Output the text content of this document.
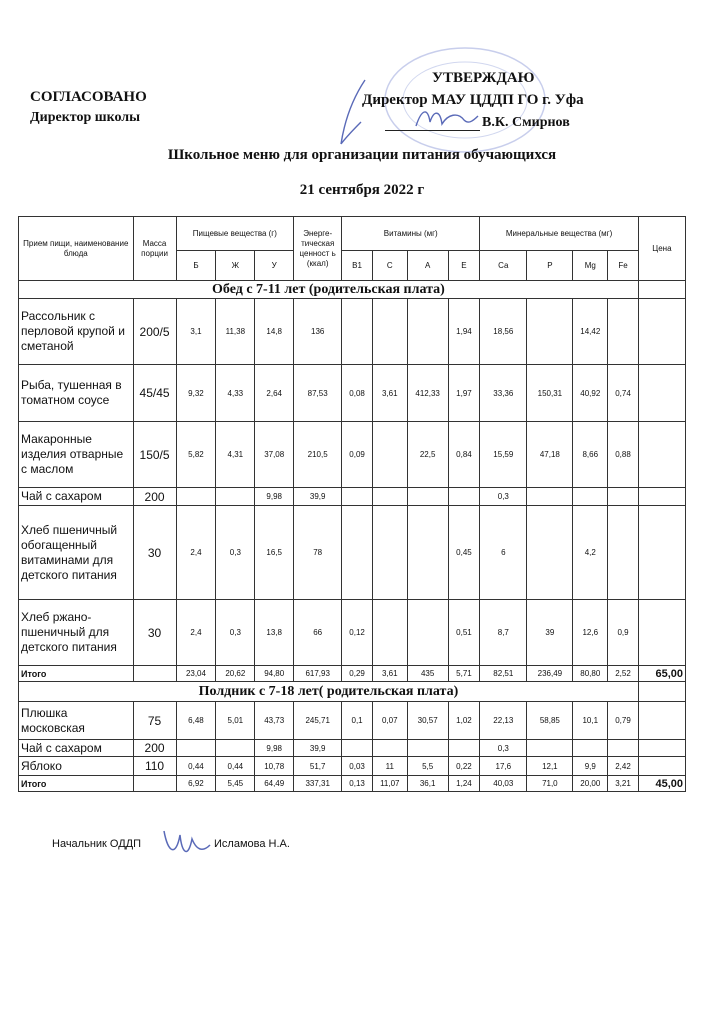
СОГЛАСОВАНО
Директор школы
УТВЕРЖДАЮ
Директор МАУ ЦДДП ГО г. Уфа
В.К. Смирнов
Школьное меню для организации питания обучающихся
21 сентября 2022 г
Прием пищи, наименование блюда	Масса порции	Пищевые вещества (г)			Энерге-тическая ценност ь (ккал)	Витамины (мг)				Минеральные вещества (мг)				Цена
		Б	Ж	У		В1	С	А	Е	Са	Р	Mg	Fe	
Обед с 7-11 лет (родительская плата)														
Рассольник с перловой крупой и сметаной	200/5	3,1	11,38	14,8	136				1,94	18,56		14,42		
Рыба, тушенная в томатном соусе	45/45	9,32	4,33	2,64	87,53	0,08	3,61	412,33	1,97	33,36	150,31	40,92	0,74	
Макаронные изделия отварные с маслом	150/5	5,82	4,31	37,08	210,5	0,09		22,5	0,84	15,59	47,18	8,66	0,88	
Чай с сахаром	200			9,98	39,9					0,3				
Хлеб пшеничный обогащенный витаминами для детского питания	30	2,4	0,3	16,5	78				0,45	6		4,2		
Хлеб ржано-пшеничный для детского питания	30	2,4	0,3	13,8	66	0,12			0,51	8,7	39	12,6	0,9	
Итого		23,04	20,62	94,80	617,93	0,29	3,61	435	5,71	82,51	236,49	80,80	2,52	65,00
Полдник с 7-18 лет( родительская плата)														
Плюшка московская	75	6,48	5,01	43,73	245,71	0,1	0,07	30,57	1,02	22,13	58,85	10,1	0,79	
Чай с сахаром	200			9,98	39,9					0,3				
Яблоко	110	0,44	0,44	10,78	51,7	0,03	11	5,5	0,22	17,6	12,1	9,9	2,42	
Итого		6,92	5,45	64,49	337,31	0,13	11,07	36,1	1,24	40,03	71,0	20,00	3,21	45,00
Начальник ОДДП	Исламова Н.А.
